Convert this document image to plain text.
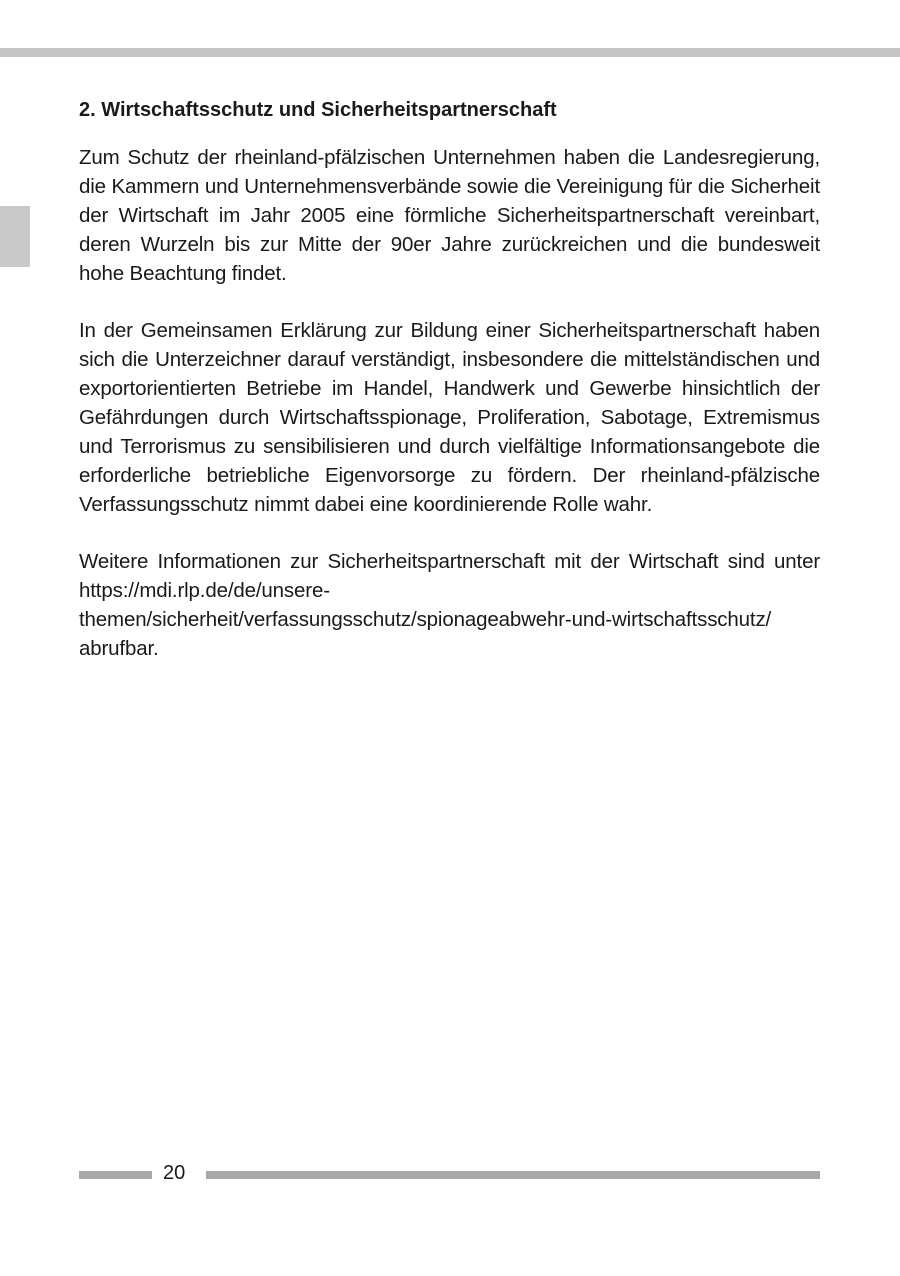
2. Wirtschaftsschutz und Sicherheitspartnerschaft

Zum Schutz der rheinland-pfälzischen Unternehmen haben die Landesregierung, die Kammern und Unternehmensverbände sowie die Vereinigung für die Sicherheit der Wirtschaft im Jahr 2005 eine förmliche Sicherheitspartnerschaft vereinbart, deren Wurzeln bis zur Mitte der 90er Jahre zurückreichen und die bundesweit hohe Beachtung findet.

In der Gemeinsamen Erklärung zur Bildung einer Sicherheitspartnerschaft haben sich die Unterzeichner darauf verständigt, insbesondere die mittelständischen und exportorientierten Betriebe im Handel, Handwerk und Gewerbe hinsichtlich der Gefährdungen durch Wirtschaftsspionage, Proliferation, Sabotage, Extremismus und Terrorismus zu sensibilisieren und durch vielfältige Informationsangebote die erforderliche betriebliche Eigenvorsorge zu fördern. Der rheinland-pfälzische Verfassungsschutz nimmt dabei eine koordinierende Rolle wahr.

Weitere Informationen zur Sicherheitspartnerschaft mit der Wirtschaft sind unter https://mdi.rlp.de/de/unsere-themen/sicherheit/verfassungsschutz/spionageabwehr-und-wirtschaftsschutz/ abrufbar.

20
